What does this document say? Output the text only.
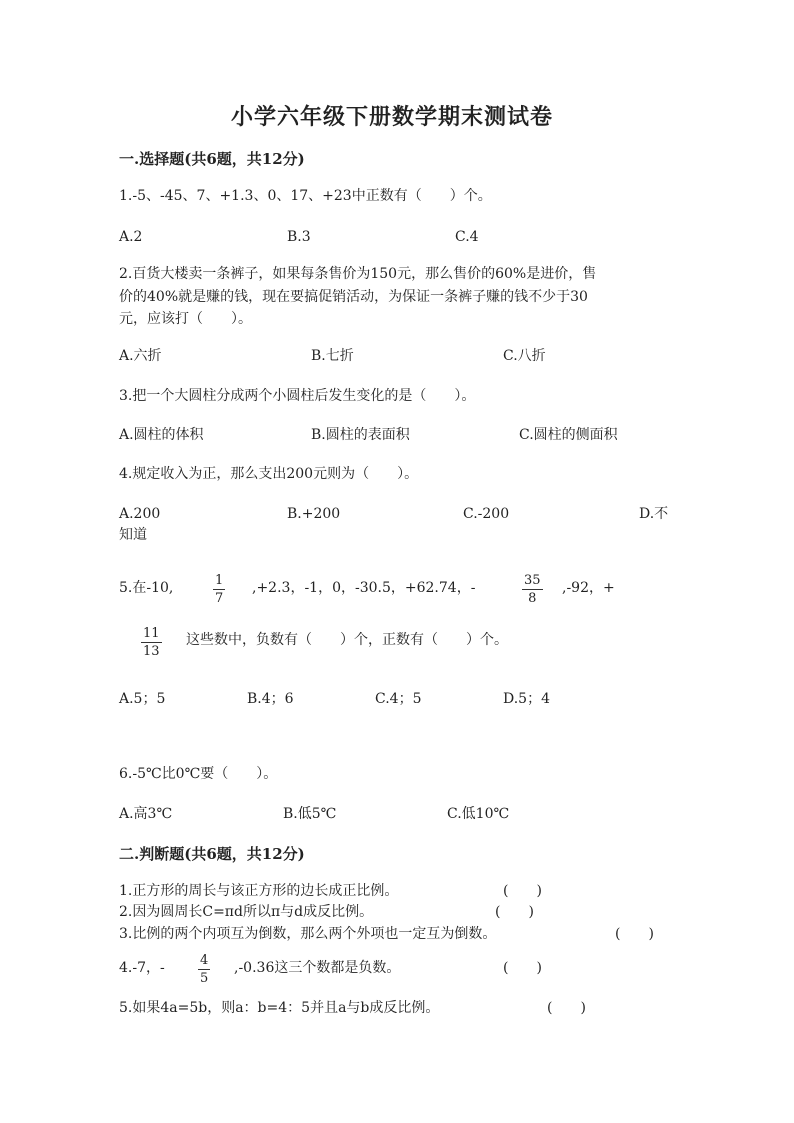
小学六年级下册数学期末测试卷
一.选择题(共6题，共12分)
1.-5、-45、7、+1.3、0、17、+23中正数有（　　）个。
A.2	B.3	C.4
2.百货大楼卖一条裤子，如果每条售价为150元，那么售价的60%是进价，售
价的40%就是赚的钱，现在要搞促销活动，为保证一条裤子赚的钱不少于30
元，应该打（　　）。
A.六折	B.七折	C.八折
3.把一个大圆柱分成两个小圆柱后发生变化的是（　　）。
A.圆柱的体积	B.圆柱的表面积	C.圆柱的侧面积
4.规定收入为正，那么支出200元则为（　　）。
A.200	B.+200	C.-200	D.不
知道
5.在-10,	1
7
,+2.3，-1，0，-30.5，+62.74，-	35
8
,-92，+
11
13
这些数中，负数有（　　）个，正数有（　　）个。
A.5；5	B.4；6	C.4；5	D.5；4
6.-5℃比0℃要（　　）。
A.高3℃	B.低5℃	C.低10℃
二.判断题(共6题，共12分)
1.正方形的周长与该正方形的边长成正比例。	(　　)
2.因为圆周长C=πd所以π与d成反比例。	(　　)
3.比例的两个内项互为倒数，那么两个外项也一定互为倒数。	(　　)
4.-7，-	4
5
,-0.36这三个数都是负数。	(　　)
5.如果4a=5b，则a：b=4：5并且a与b成反比例。	(　　)
